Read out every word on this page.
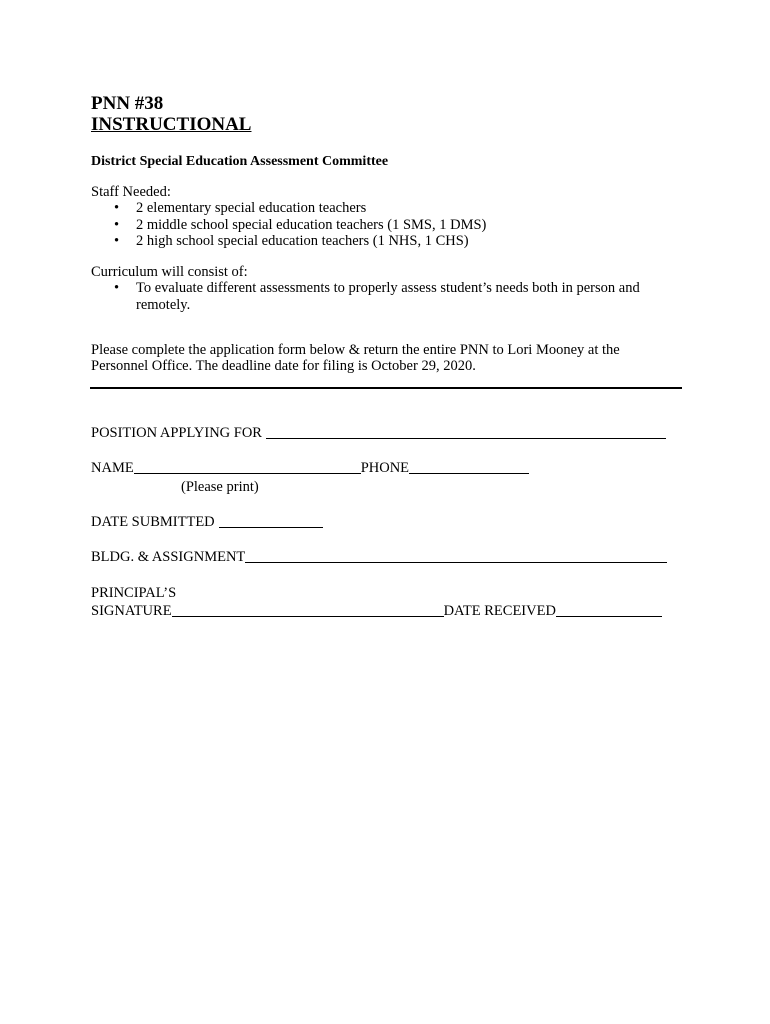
PNN #38
INSTRUCTIONAL
District Special Education Assessment Committee
Staff Needed:
• 2 elementary special education teachers
• 2 middle school special education teachers (1 SMS, 1 DMS)
• 2 high school special education teachers (1 NHS, 1 CHS)
Curriculum will consist of:
• To evaluate different assessments to properly assess student’s needs both in person and remotely.
Please complete the application form below & return the entire PNN to Lori Mooney at the
Personnel Office. The deadline date for filing is October 29, 2020.
POSITION APPLYING FOR
NAME	PHONE
(Please print)
DATE SUBMITTED
BLDG. & ASSIGNMENT
PRINCIPAL’S
SIGNATURE	DATE RECEIVED
